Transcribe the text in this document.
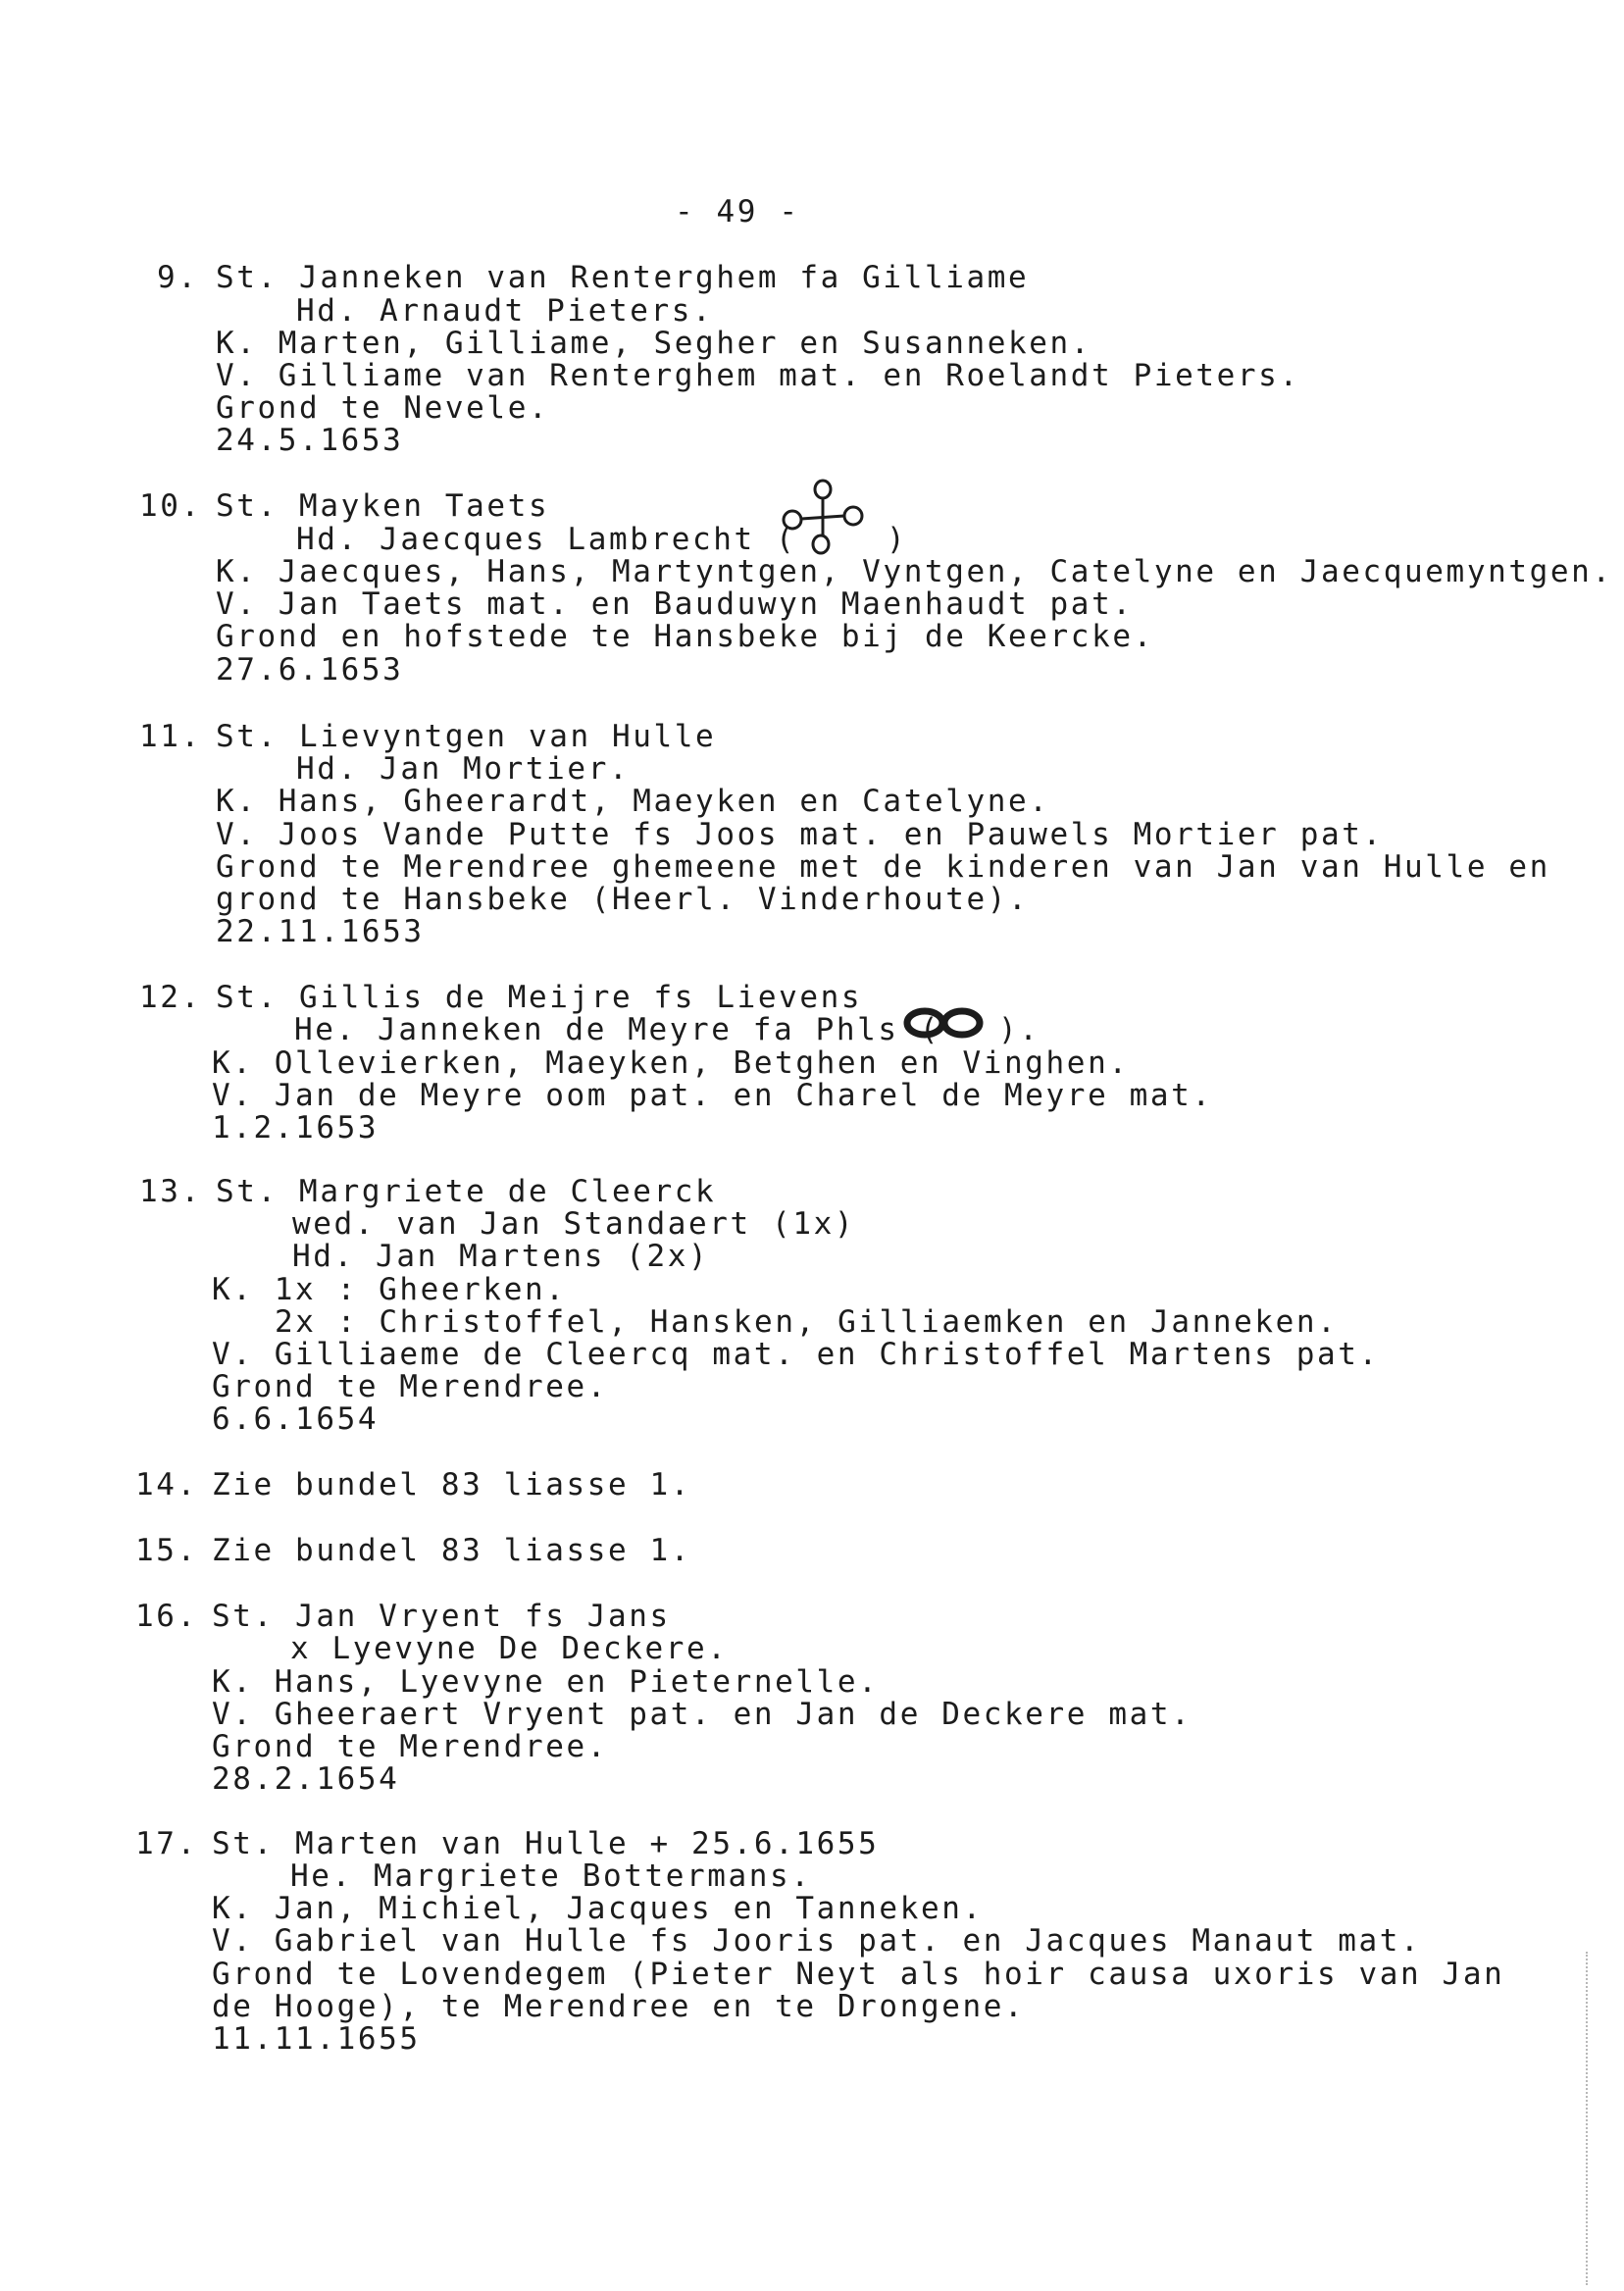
- 49 -
9. St. Janneken van Renterghem fa Gilliame
Hd. Arnaudt Pieters.
K. Marten, Gilliame, Segher en Susanneken.
V. Gilliame van Renterghem mat. en Roelandt Pieters.
Grond te Nevele.
24.5.1653
10. St. Mayken Taets
Hd. Jaecques Lambrecht (	)
K. Jaecques, Hans, Martyntgen, Vyntgen, Catelyne en Jaecquemyntgen.
V. Jan Taets mat. en Bauduwyn Maenhaudt pat.
Grond en hofstede te Hansbeke bij de Keercke.
27.6.1653
11. St. Lievyntgen van Hulle
Hd. Jan Mortier.
K. Hans, Gheerardt, Maeyken en Catelyne.
V. Joos Vande Putte fs Joos mat. en Pauwels Mortier pat.
Grond te Merendree ghemeene met de kinderen van Jan van Hulle en
grond te Hansbeke (Heerl. Vinderhoute).
22.11.1653
12. St. Gillis de Meijre fs Lievens
He. Janneken de Meyre fa Phls ( ).
K. Ollevierken, Maeyken, Betghen en Vinghen.
V. Jan de Meyre oom pat. en Charel de Meyre mat.
1.2.1653
13. St. Margriete de Cleerck
wed. van Jan Standaert (1x)
Hd. Jan Martens (2x)
K. 1x : Gheerken.
2x : Christoffel, Hansken, Gilliaemken en Janneken.
V. Gilliaeme de Cleercq mat. en Christoffel Martens pat.
Grond te Merendree.
6.6.1654
14. Zie bundel 83 liasse 1.
15. Zie bundel 83 liasse 1.
16. St. Jan Vryent fs Jans
x Lyevyne De Deckere.
K. Hans, Lyevyne en Pieternelle.
V. Gheeraert Vryent pat. en Jan de Deckere mat.
Grond te Merendree.
28.2.1654
17. St. Marten van Hulle + 25.6.1655
He. Margriete Bottermans.
K. Jan, Michiel, Jacques en Tanneken.
V. Gabriel van Hulle fs Jooris pat. en Jacques Manaut mat.
Grond te Lovendegem (Pieter Neyt als hoir causa uxoris van Jan
de Hooge), te Merendree en te Drongene.
11.11.1655
